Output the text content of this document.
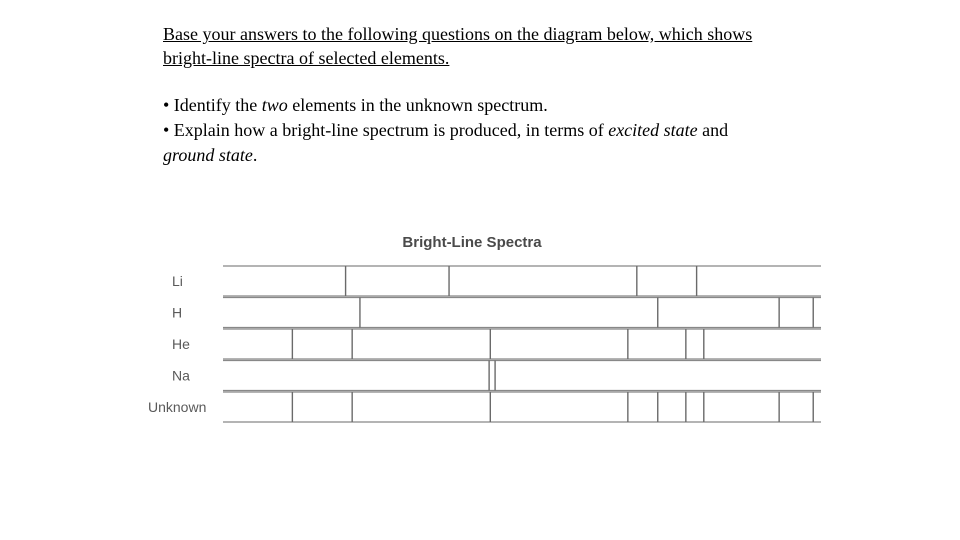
Base your answers to the following questions on the diagram below, which shows bright-line spectra of selected elements.

• Identify the two elements in the unknown spectrum.

• Explain how a bright-line spectrum is produced, in terms of excited state and
ground state.

Bright-Line Spectra
Li
H
He
Na
Unknown
